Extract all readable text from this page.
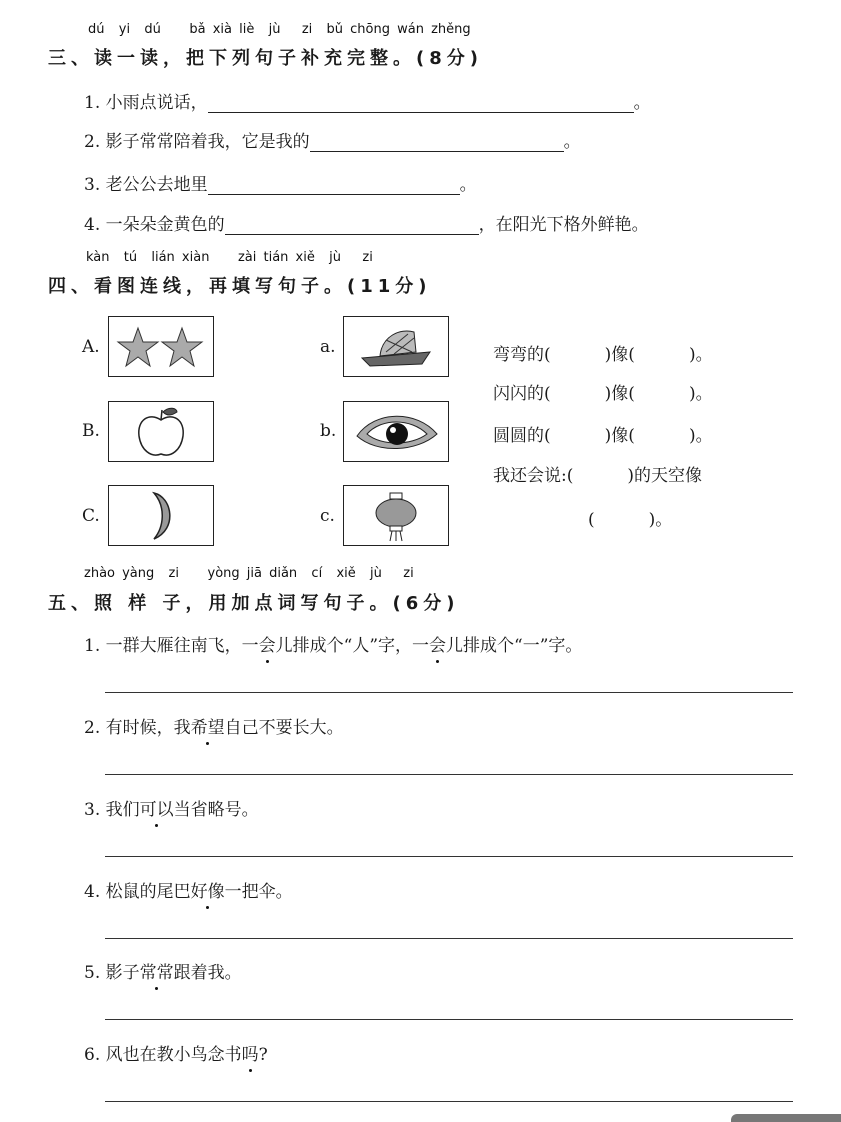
dú  yi  dú    bǎ xià liè  jù   zi  bǔ chōng wán zhěng
三、读一读，把下列句子补充完整。(8分)
1. 小雨点说话，	。
2. 影子常常陪着我，它是我的	。
3. 老公公去地里	。
4. 一朵朵金黄色的	，在阳光下格外鲜艳。
kàn  tú  lián xiàn    zài tián xiě  jù   zi
四、看图连线，再填写句子。(11分)
A.
B.
C.
a.
b.
c.
弯弯的(          )像(          )。
闪闪的(          )像(          )。
圆圆的(          )像(          )。
我还会说:(          )的天空像
(          )。
zhào yàng  zi    yòng jiā diǎn  cí  xiě  jù   zi
五、照 样 子，用加点词写句子。(6分)
1. 一群大雁往南飞，一会儿排成个“人”字，一会儿排成个“一”字。
2. 有时候，我希望自己不要长大。
3. 我们可以当省略号。
4. 松鼠的尾巴好像一把伞。
5. 影子常常跟着我。
6. 风也在教小鸟念书吗?
